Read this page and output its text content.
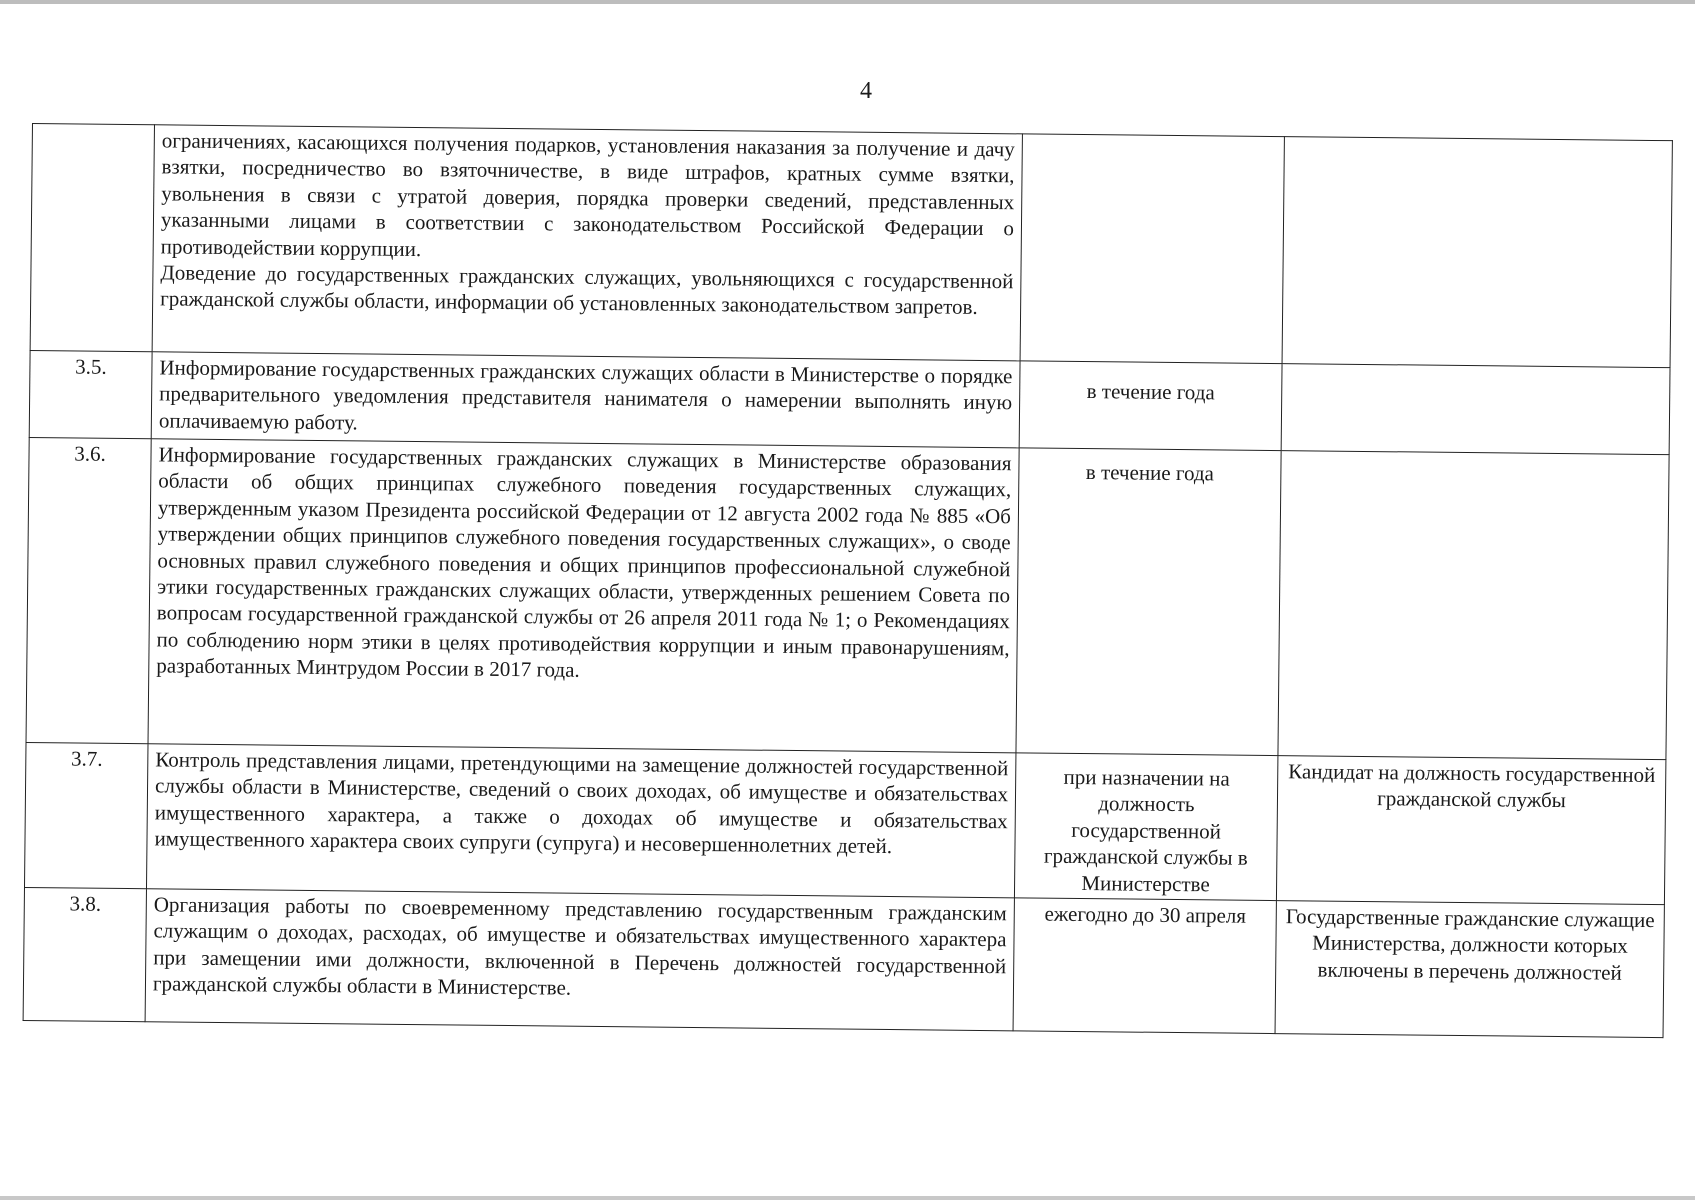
4

	ограничениях, касающихся получения подарков, установления наказания за получение и дачу взятки, посредничество во взяточничестве, в виде штрафов, кратных сумме взятки, увольнения в связи с утратой доверия, порядка проверки сведений, представленных указанными лицами в соответствии с законодательством Российской Федерации о противодействии коррупции.

Доведение до государственных гражданских служащих, увольняющихся с государственной гражданской службы области, информации об установленных законодательством запретов.		

3.5.	Информирование государственных гражданских служащих области в Министерстве о порядке предварительного уведомления представителя нанимателя о намерении выполнять иную оплачиваемую работу.	в течение года	

3.6.	Информирование государственных гражданских служащих в Министерстве образования области об общих принципах служебного поведения государственных служащих, утвержденным указом Президента российской Федерации от 12 августа 2002 года № 885 «Об утверждении общих принципов служебного поведения государственных служащих», о своде основных правил служебного поведения и общих принципов профессиональной служебной этики государственных гражданских служащих области, утвержденных решением Совета по вопросам государственной гражданской службы от 26 апреля 2011 года № 1; о Рекомендациях по соблюдению норм этики в целях противодействия коррупции и иным правонарушениям, разработанных Минтрудом России в 2017 года.	в течение года	

3.7.	Контроль представления лицами, претендующими на замещение должностей государственной службы области в Министерстве, сведений о своих доходах, об имуществе и обязательствах имущественного характера, а также о доходах об имуществе и обязательствах имущественного характера своих супруги (супруга) и несовершеннолетних детей.	при назначении на должность государственной гражданской службы в Министерстве	Кандидат на должность государственной гражданской службы
3.8.	Организация работы по своевременному представлению государственным гражданским служащим о доходах, расходах, об имуществе и обязательствах имущественного характера при замещении ими должности, включенной в Перечень должностей государственной гражданской службы области в Министерстве.	ежегодно до 30 апреля	Государственные гражданские служащие Министерства, должности которых включены в перечень должностей
